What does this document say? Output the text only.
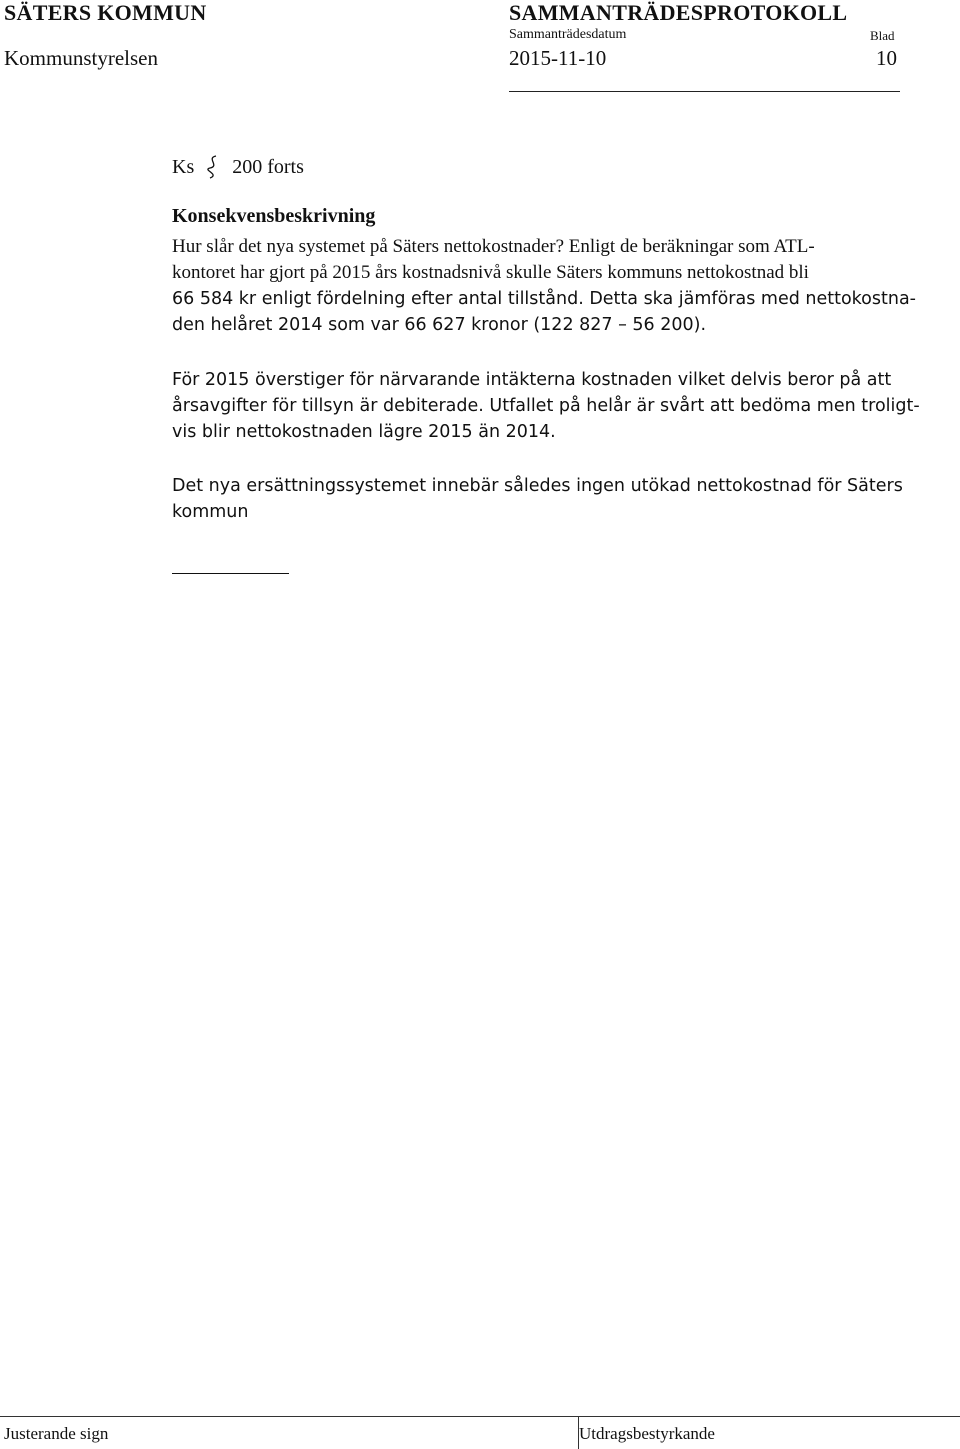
SÄTERS KOMMUN	SAMMANTRÄDESPROTOKOLL
Sammanträdesdatum	Blad
Kommunstyrelsen	2015-11-10	10
Ks 200 forts
Konsekvensbeskrivning
Hur slår det nya systemet på Säters nettokostnader? Enligt de beräkningar som ATL-
kontoret har gjort på 2015 års kostnadsnivå skulle Säters kommuns nettokostnad bli
66 584 kr enligt fördelning efter antal tillstånd. Detta ska jämföras med nettokostna-
den helåret 2014 som var 66 627 kronor (122 827 – 56 200).
För 2015 överstiger för närvarande intäkterna kostnaden vilket delvis beror på att
årsavgifter för tillsyn är debiterade. Utfallet på helår är svårt att bedöma men troligt-
vis blir nettokostnaden lägre 2015 än 2014.
Det nya ersättningssystemet innebär således ingen utökad nettokostnad för Säters
kommun
Justerande sign	Utdragsbestyrkande
